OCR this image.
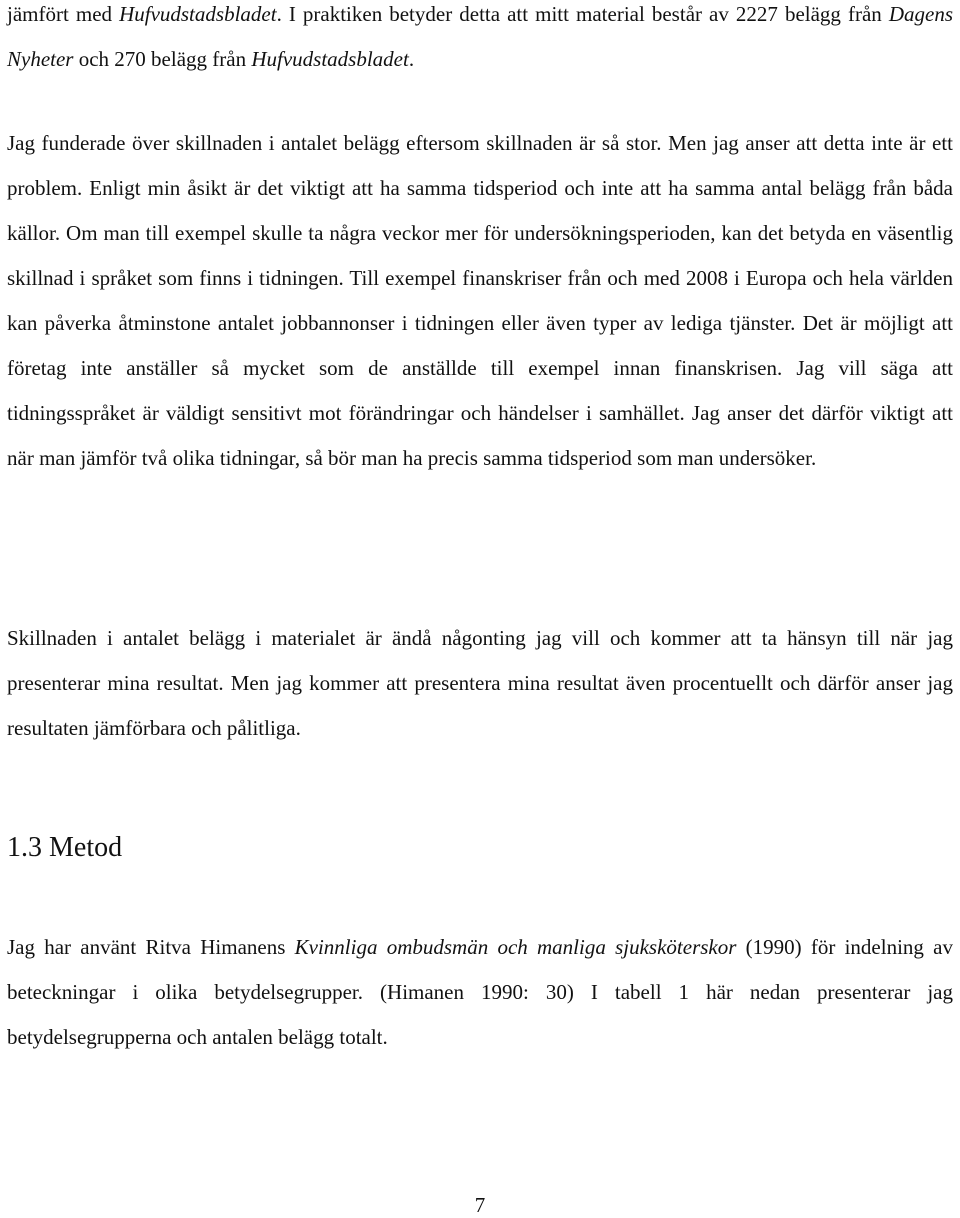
jämfört med Hufvudstadsbladet. I praktiken betyder detta att mitt material består av 2227 belägg från Dagens Nyheter och 270 belägg från Hufvudstadsbladet.

Jag funderade över skillnaden i antalet belägg eftersom skillnaden är så stor. Men jag anser att detta inte är ett problem. Enligt min åsikt är det viktigt att ha samma tidsperiod och inte att ha samma antal belägg från båda källor. Om man till exempel skulle ta några veckor mer för undersökningsperioden, kan det betyda en väsentlig skillnad i språket som finns i tidningen. Till exempel finanskriser från och med 2008 i Europa och hela världen kan påverka åtminstone antalet jobbannonser i tidningen eller även typer av lediga tjänster. Det är möjligt att företag inte anställer så mycket som de anställde till exempel innan finanskrisen. Jag vill säga att tidningsspråket är väldigt sensitivt mot förändringar och händelser i samhället. Jag anser det därför viktigt att när man jämför två olika tidningar, så bör man ha precis samma tidsperiod som man undersöker.

Skillnaden i antalet belägg i materialet är ändå någonting jag vill och kommer att ta hänsyn till när jag presenterar mina resultat. Men jag kommer att presentera mina resultat även procentuellt och därför anser jag resultaten jämförbara och pålitliga.

1.3 Metod

Jag har använt Ritva Himanens Kvinnliga ombudsmän och manliga sjuksköterskor (1990) för indelning av beteckningar i olika betydelsegrupper. (Himanen 1990: 30) I tabell 1 här nedan presenterar jag betydelsegrupperna och antalen belägg totalt.

7
